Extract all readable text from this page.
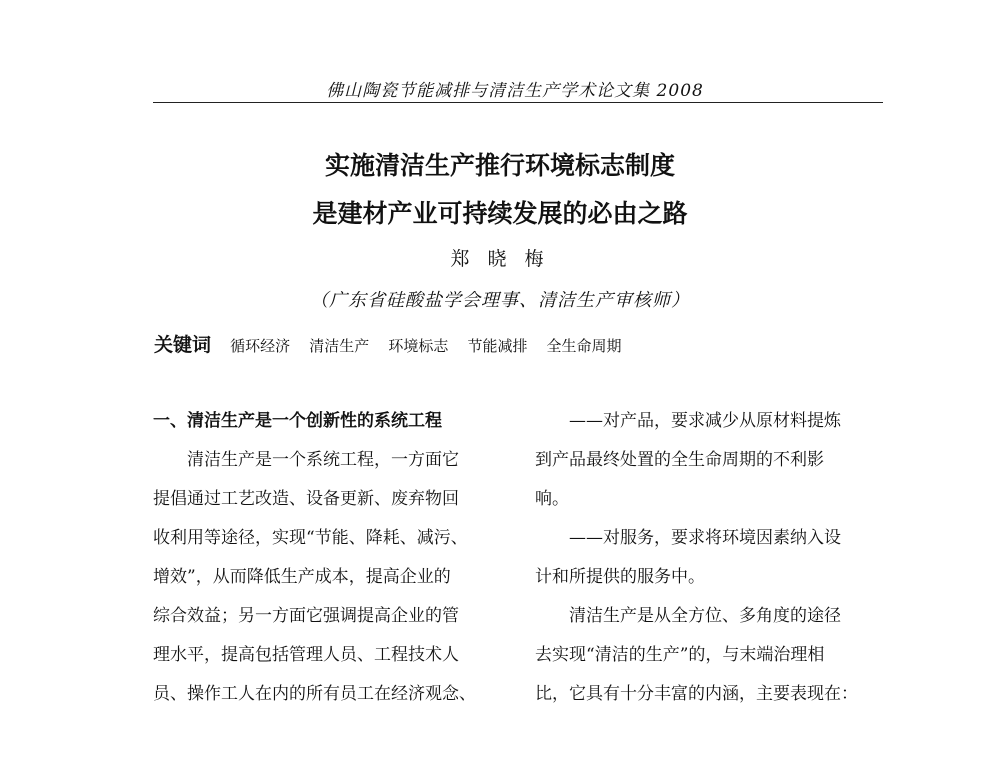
佛山陶瓷节能减排与清洁生产学术论文集 2008
实施清洁生产推行环境标志制度
是建材产业可持续发展的必由之路
郑 晓 梅
（广东省硅酸盐学会理事、清洁生产审核师）
关键词 循环经济 清洁生产 环境标志 节能减排 全生命周期
一、清洁生产是一个创新性的系统工程
　　清洁生产是一个系统工程，一方面它
提倡通过工艺改造、设备更新、废弃物回
收利用等途径，实现“节能、降耗、减污、
增效”，从而降低生产成本，提高企业的
综合效益；另一方面它强调提高企业的管
理水平，提高包括管理人员、工程技术人
员、操作工人在内的所有员工在经济观念、
　　——对产品，要求减少从原材料提炼
到产品最终处置的全生命周期的不利影
响。
　　——对服务，要求将环境因素纳入设
计和所提供的服务中。
　　清洁生产是从全方位、多角度的途径
去实现“清洁的生产”的，与末端治理相
比，它具有十分丰富的内涵，主要表现在：
